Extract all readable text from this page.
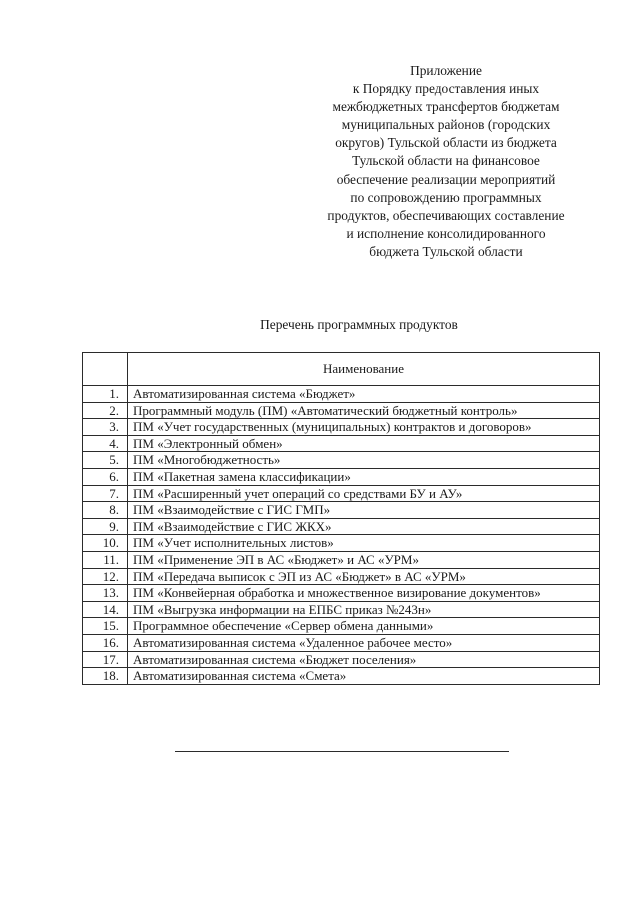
Приложение
к Порядку предоставления иных
межбюджетных трансфертов бюджетам
муниципальных районов (городских
округов) Тульской области из бюджета
Тульской области на финансовое
обеспечение реализации мероприятий
по сопровождению программных
продуктов, обеспечивающих составление
и исполнение консолидированного
бюджета Тульской области
Перечень программных продуктов
	Наименование
1.	Автоматизированная система «Бюджет»
2.	Программный модуль (ПМ) «Автоматический бюджетный контроль»
3.	ПМ «Учет государственных (муниципальных) контрактов и договоров»
4.	ПМ «Электронный обмен»
5.	ПМ «Многобюджетность»
6.	ПМ «Пакетная замена классификации»
7.	ПМ «Расширенный учет операций со средствами БУ и АУ»
8.	ПМ «Взаимодействие с ГИС ГМП»
9.	ПМ «Взаимодействие с ГИС ЖКХ»
10.	ПМ «Учет исполнительных листов»
11.	ПМ «Применение ЭП в АС «Бюджет» и АС «УРМ»
12.	ПМ «Передача выписок с ЭП из АС «Бюджет» в АС «УРМ»
13.	ПМ «Конвейерная обработка и множественное визирование документов»
14.	ПМ «Выгрузка информации на ЕПБС приказ №243н»
15.	Программное обеспечение «Сервер обмена данными»
16.	Автоматизированная система «Удаленное рабочее место»
17.	Автоматизированная система «Бюджет поселения»
18.	Автоматизированная система «Смета»
